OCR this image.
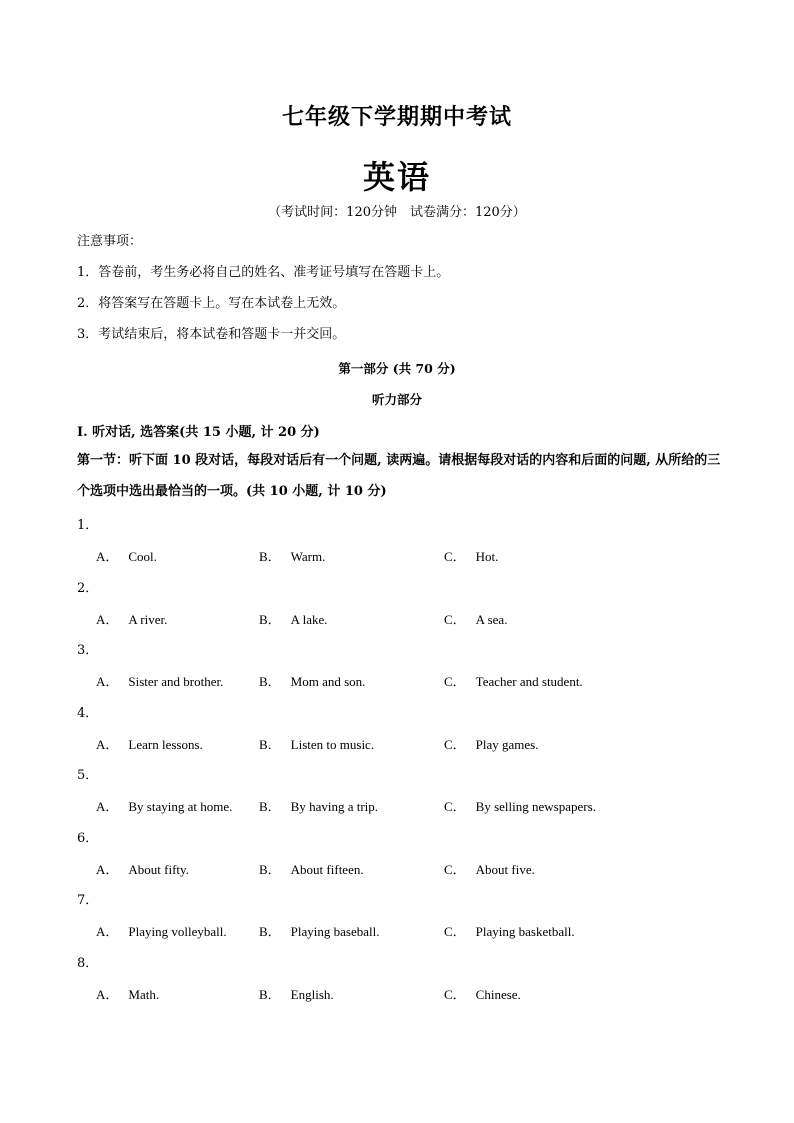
七年级下学期期中考试
英语
（考试时间：120分钟　试卷满分：120分）
注意事项：
1．答卷前，考生务必将自己的姓名、准考证号填写在答题卡上。
2．将答案写在答题卡上。写在本试卷上无效。
3．考试结束后，将本试卷和答题卡一并交回。
第一部分 (共 70 分)
听力部分
I. 听对话, 选答案(共 15 小题, 计 20 分)
第一节：听下面 10 段对话，每段对话后有一个问题, 读两遍。请根据每段对话的内容和后面的问题, 从所给的三个选项中选出最恰当的一项。(共 10 小题, 计 10 分)
1．
A． Cool.	B． Warm.	C． Hot.
2．
A． A river.	B． A lake.	C． A sea.
3．
A． Sister and brother.	B． Mom and son.	C． Teacher and student.
4．
A． Learn lessons.	B． Listen to music.	C． Play games.
5．
A． By staying at home. B． By having a trip.	C． By selling newspapers.
6．
A． About fifty.	B． About fifteen.	C． About five.
7．
A． Playing volleyball. B． Playing baseball.	C． Playing basketball.
8．
A． Math.	B． English.	C． Chinese.
